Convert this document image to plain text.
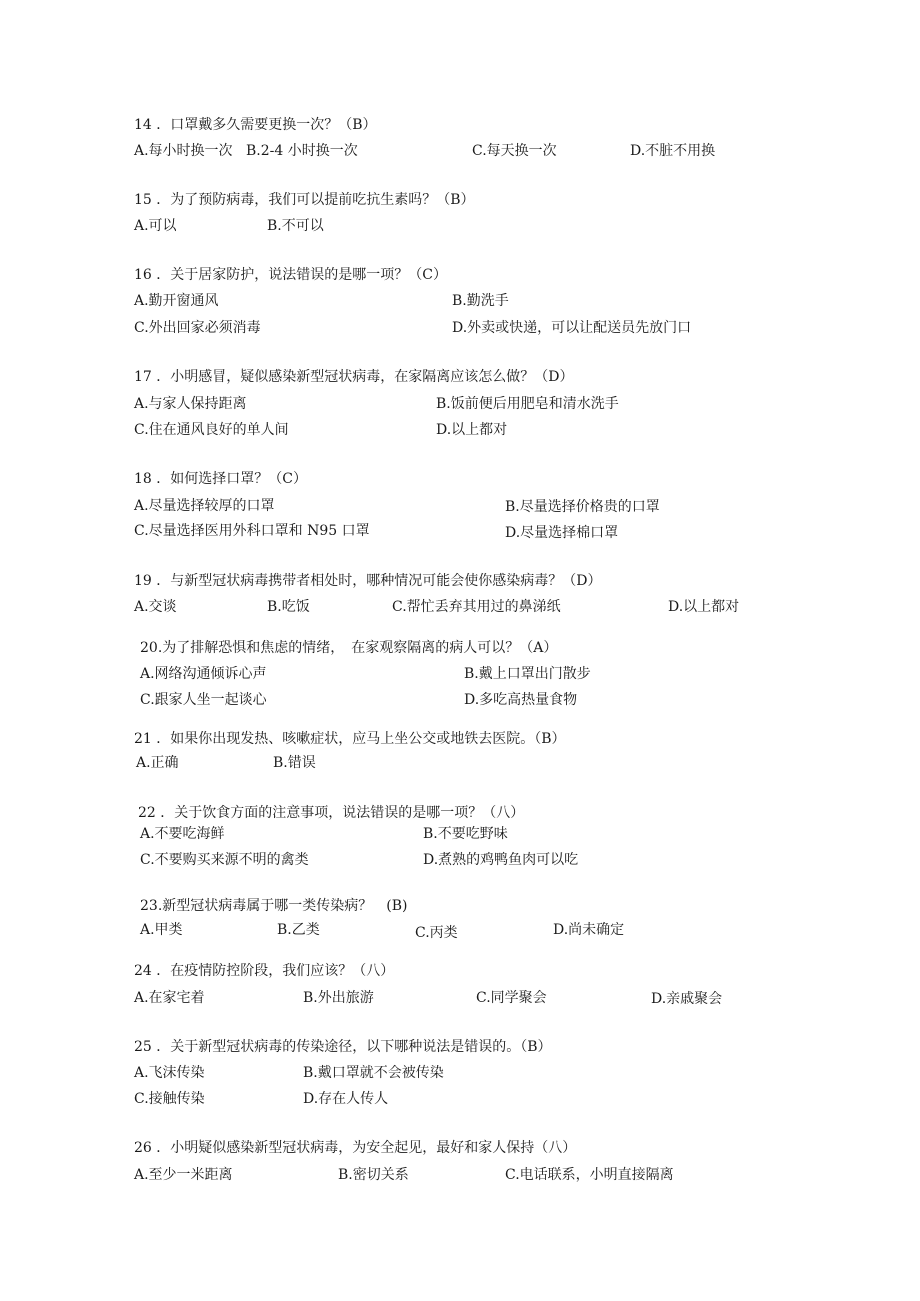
14 ．口罩戴多久需要更换一次？（B）
A.每小时换一次 B.2-4 小时换一次	C.每天换一次	D.不脏不用换
15 ．为了预防病毒，我们可以提前吃抗生素吗？（B）
A.可以	B.不可以
16 ．关于居家防护，说法错误的是哪一项？（C）
A.勤开窗通风	B.勤洗手
C.外出回家必须消毒	D.外卖或快递，可以让配送员先放门口
17 ．小明感冒，疑似感染新型冠状病毒，在家隔离应该怎么做？（D）
A.与家人保持距离	B.饭前便后用肥皂和清水洗手
C.住在通风良好的单人间	D.以上都对
18 ．如何选择口罩？（C）
A.尽量选择较厚的口罩	B.尽量选择价格贵的口罩
C.尽量选择医用外科口罩和 N95 口罩	D.尽量选择棉口罩
19 ．与新型冠状病毒携带者相处时，哪种情况可能会使你感染病毒？（D）
A.交谈	B.吃饭	C.帮忙丢弃其用过的鼻涕纸	D.以上都对
20.为了排解恐惧和焦虑的情绪，　在家观察隔离的病人可以？（A）
A.网络沟通倾诉心声	B.戴上口罩出门散步
C.跟家人坐一起谈心	D.多吃高热量食物
21 ．如果你出现发热、咳嗽症状，应马上坐公交或地铁去医院。（B）
A.正确	B.错误
22 ．关于饮食方面的注意事项，说法错误的是哪一项？（八）
A.不要吃海鲜	B.不要吃野味
C.不要购买来源不明的禽类	D.煮熟的鸡鸭鱼肉可以吃
23.新型冠状病毒属于哪一类传染病？　(B)
A.甲类	B.乙类	C.丙类	D.尚未确定
24 ．在疫情防控阶段，我们应该？（八）
A.在家宅着	B.外出旅游	C.同学聚会	D.亲戚聚会
25 ．关于新型冠状病毒的传染途径，以下哪种说法是错误的。（B）
A.飞沫传染	B.戴口罩就不会被传染
C.接触传染	D.存在人传人
26 ．小明疑似感染新型冠状病毒，为安全起见，最好和家人保持（八）
A.至少一米距离	B.密切关系	C.电话联系，小明直接隔离
